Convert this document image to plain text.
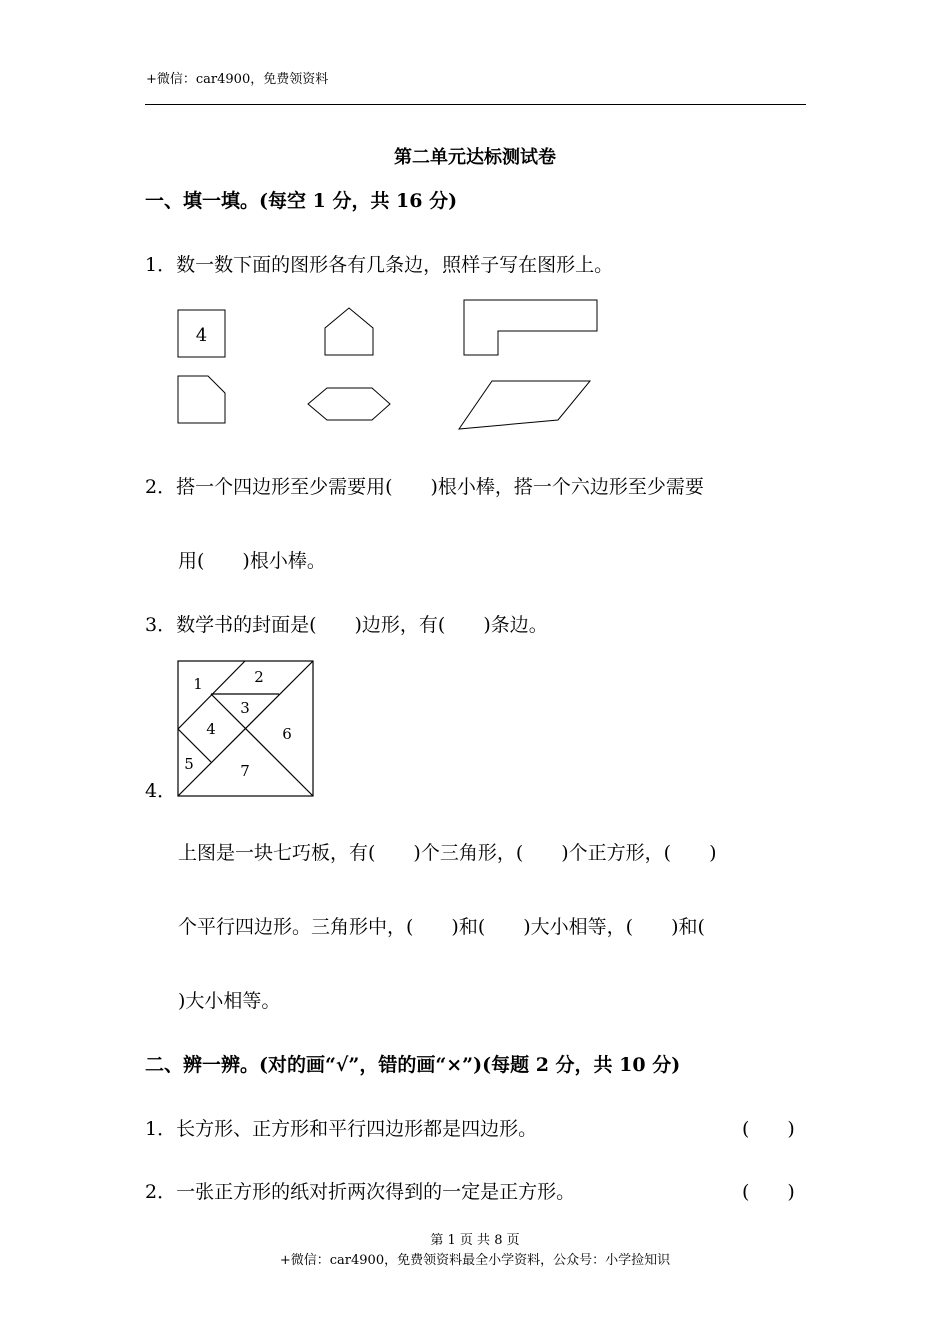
+微信：car4900，免费领资料
第二单元达标测试卷
一、填一填。(每空 1 分，共 16 分)
1．数一数下面的图形各有几条边，照样子写在图形上。
4
2．搭一个四边形至少需要用(　　)根小棒，搭一个六边形至少需要
用(　　)根小棒。
3．数学书的封面是(　　)边形，有(　　)条边。
4．
1	2
3
4
5
6
7
上图是一块七巧板，有(　　)个三角形，(　　)个正方形，(　　)
个平行四边形。三角形中，(　　)和(　　)大小相等，(　　)和(
)大小相等。
二、辨一辨。(对的画“√”，错的画“×”)(每题 2 分，共 10 分)
1．长方形、正方形和平行四边形都是四边形。	(　　)
2．一张正方形的纸对折两次得到的一定是正方形。	(　　)
第 1 页 共 8 页
+微信：car4900，免费领资料最全小学资料，公众号：小学捡知识
